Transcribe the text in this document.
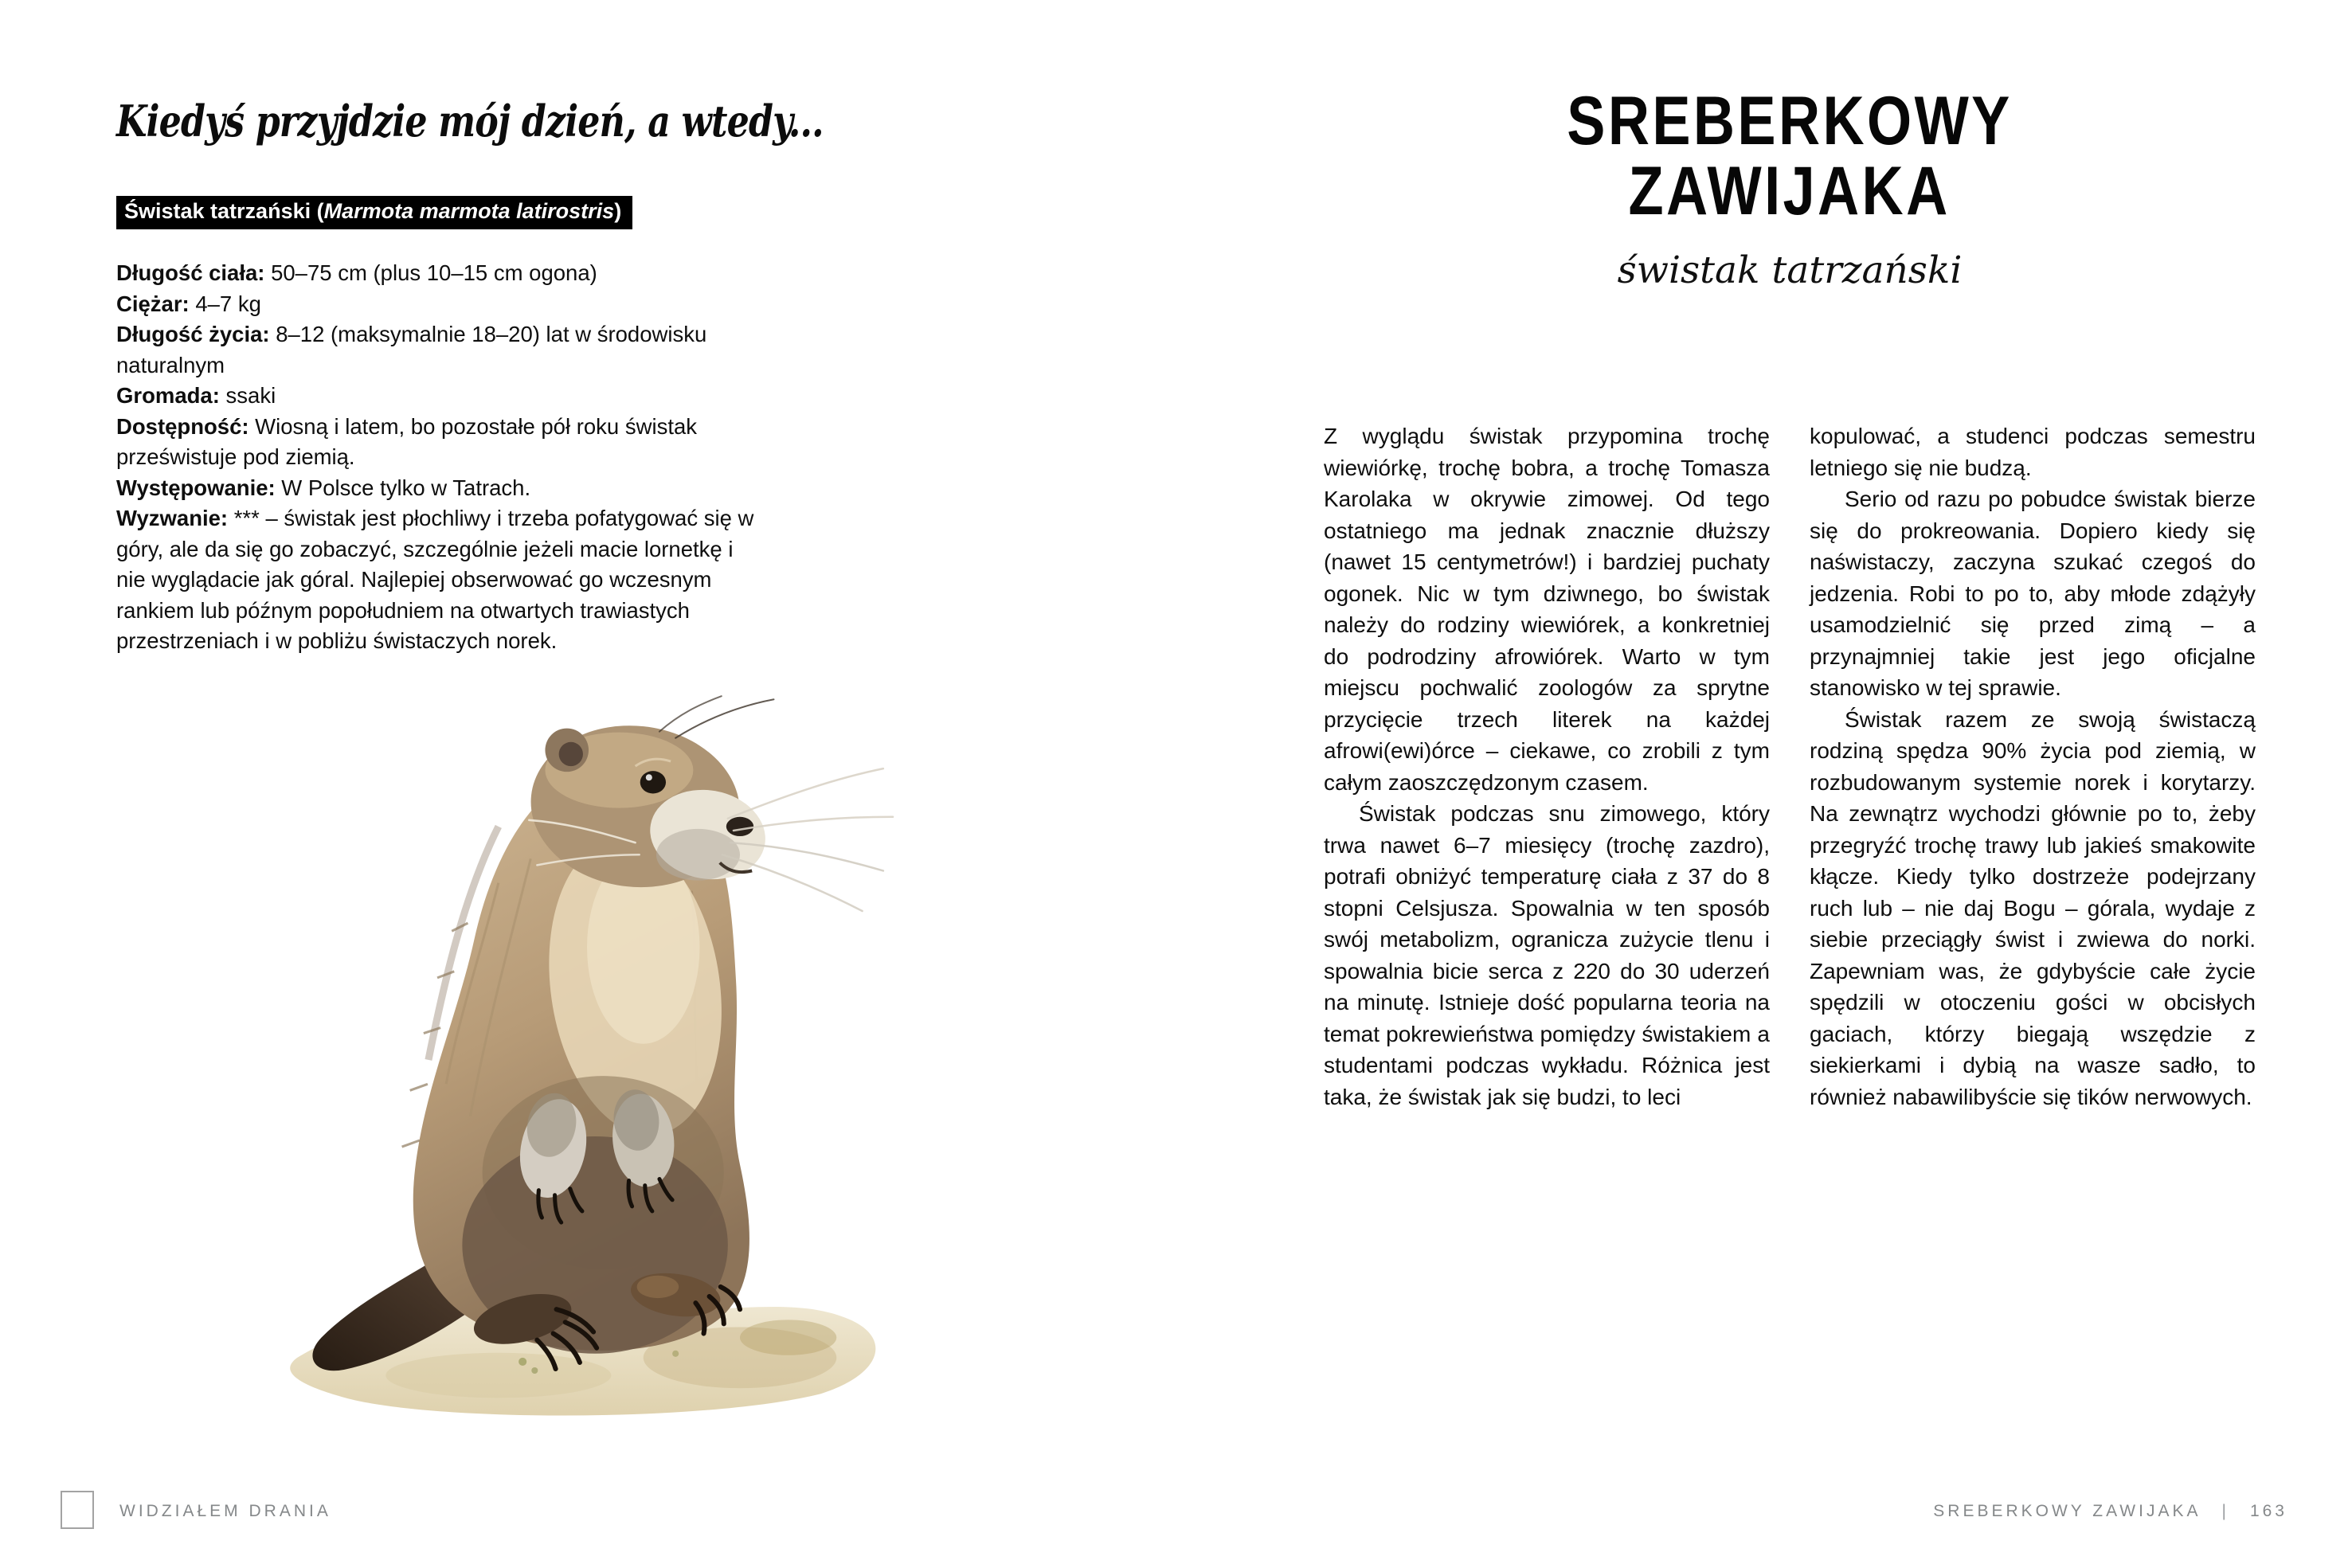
Kiedyś przyjdzie mój dzień, a wtedy...
Świstak tatrzański (Marmota marmota latirostris)
Długość ciała: 50–75 cm (plus 10–15 cm ogona)
Ciężar: 4–7 kg
Długość życia: 8–12 (maksymalnie 18–20) lat w środowisku naturalnym
Gromada: ssaki
Dostępność: Wiosną i latem, bo pozostałe pół roku świstak prześwistuje pod ziemią.
Występowanie: W Polsce tylko w Tatrach.
Wyzwanie: *** – świstak jest płochliwy i trzeba pofatygować się w góry, ale da się go zobaczyć, szczególnie jeżeli macie lornetkę i nie wyglądacie jak góral. Najlepiej obserwować go wczesnym rankiem lub późnym popołudniem na otwartych trawiastych przestrzeniach i w pobliżu świstaczych norek.
WIDZIAŁEM DRANIA
SREBERKOWY
ZAWIJAKA
świstak tatrzański

Z wyglądu świstak przypomina trochę wiewiórkę, trochę bobra, a trochę Tomasza Karolaka w okrywie zimowej. Od tego ostatniego ma jednak znacznie dłuższy (nawet 15 centymetrów!) i bardziej puchaty ogonek. Nic w tym dziwnego, bo świstak należy do rodziny wiewiórek, a konkretniej do podrodziny afrowiórek. Warto w tym miejscu pochwalić zoologów za sprytne przycięcie trzech literek na każdej afrowi(ewi)órce – ciekawe, co zrobili z tym całym zaoszczędzonym czasem.

Świstak podczas snu zimowego, który trwa nawet 6–7 miesięcy (trochę zazdro), potrafi obniżyć temperaturę ciała z 37 do 8 stopni Celsjusza. Spowalnia w ten sposób swój metabolizm, ogranicza zużycie tlenu i spowalnia bicie serca z 220 do 30 uderzeń na minutę. Istnieje dość popularna teoria na temat pokrewieństwa pomiędzy świstakiem a studentami podczas wykładu. Różnica jest taka, że świstak jak się budzi, to leci

kopulować, a studenci podczas semestru letniego się nie budzą.

Serio od razu po pobudce świstak bierze się do prokreowania. Dopiero kiedy się naświstaczy, zaczyna szukać czegoś do jedzenia. Robi to po to, aby młode zdążyły usamodzielnić się przed zimą – a przynajmniej takie jest jego oficjalne stanowisko w tej sprawie.

Świstak razem ze swoją świstaczą rodziną spędza 90% życia pod ziemią, w rozbudowanym systemie norek i korytarzy. Na zewnątrz wychodzi głównie po to, żeby przegryźć trochę trawy lub jakieś smakowite kłącze. Kiedy tylko dostrzeże podejrzany ruch lub – nie daj Bogu – górala, wydaje z siebie przeciągły świst i zwiewa do norki. Zapewniam was, że gdybyście całe życie spędzili w otoczeniu gości w obcisłych gaciach, którzy biegają wszędzie z siekierkami i dybią na wasze sadło, to również nabawilibyście się tików nerwowych.

SREBERKOWY ZAWIJAKA | 163
